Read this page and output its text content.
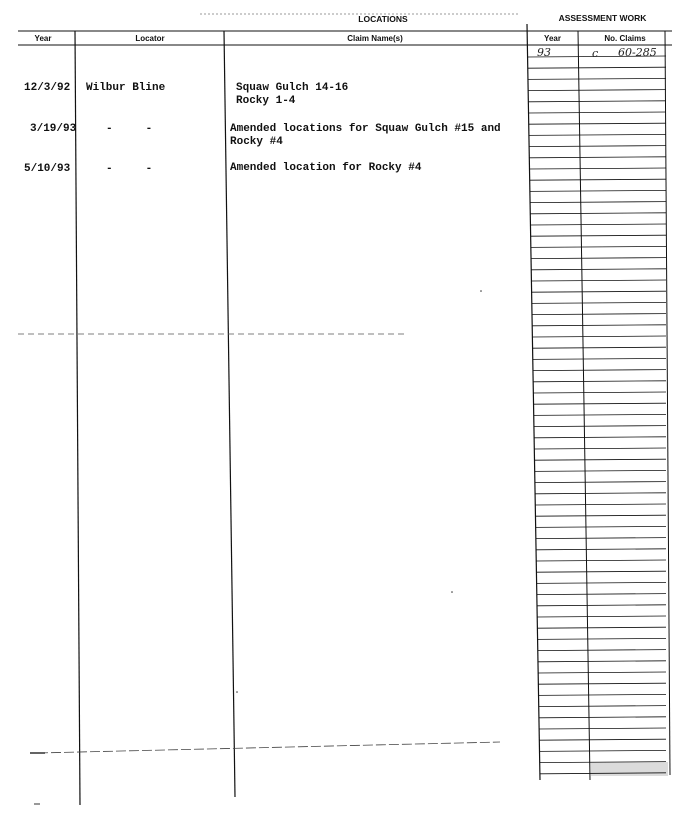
LOCATIONS	ASSESSMENT WORK
Year	Locator	Claim Name(s)	Year	No. Claims
12/3/92 Wilbur Bline	Squaw Gulch 14-16
Rocky 1-4
3/19/93	-     -	Amended locations for Squaw Gulch #15 and
Rocky #4
5/10/93	-     -	Amended location for Rocky #4
93	c 60-285
